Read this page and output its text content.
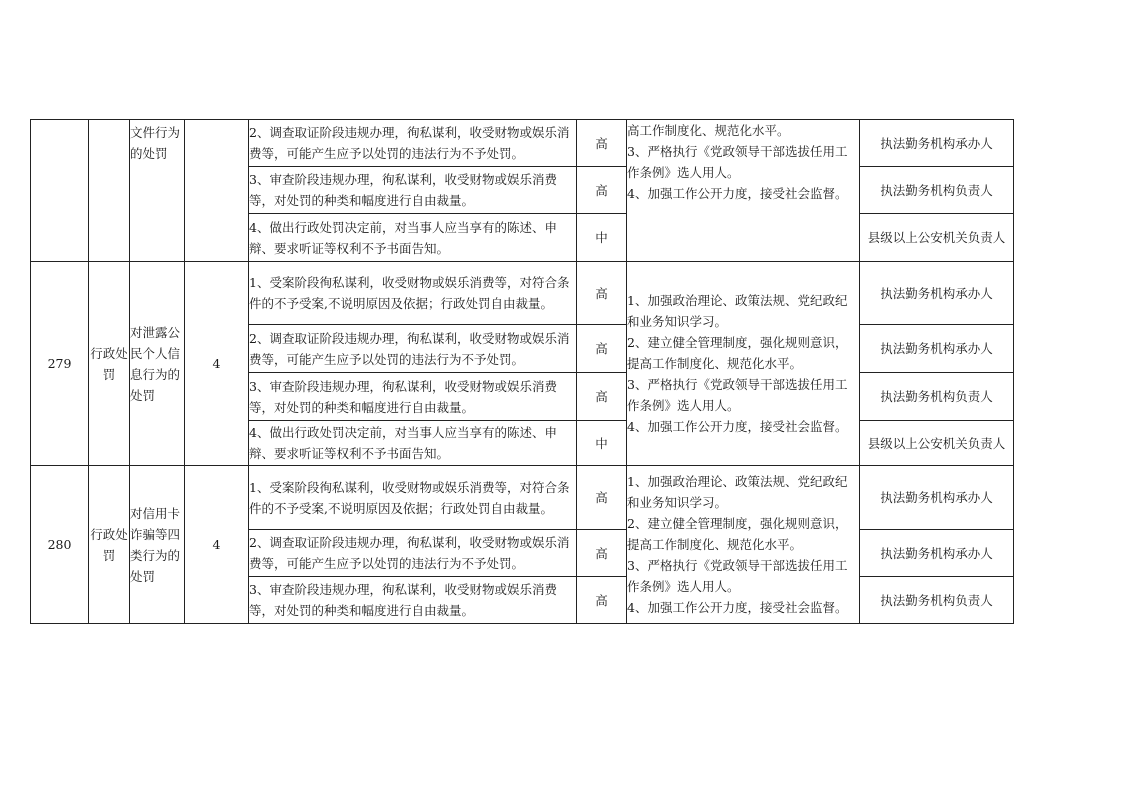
		文件行为的处罚		2、调查取证阶段违规办理，徇私谋利，收受财物或娱乐消费等，可能产生应予以处罚的违法行为不予处罚。	高	高工作制度化、规范化水平。
3、严格执行《党政领导干部选拔任用工作条例》选人用人。
4、加强工作公开力度，接受社会监督。	执法勤务机构承办人
				3、审查阶段违规办理，徇私谋利，收受财物或娱乐消费等，对处罚的种类和幅度进行自由裁量。	高		执法勤务机构负责人
				4、做出行政处罚决定前，对当事人应当享有的陈述、申辩、要求听证等权利不予书面告知。	中		县级以上公安机关负责人
279	行政处罚	对泄露公民个人信息行为的处罚	4	1、受案阶段徇私谋利，收受财物或娱乐消费等，对符合条件的不予受案,不说明原因及依据；行政处罚自由裁量。	高	1、加强政治理论、政策法规、党纪政纪和业务知识学习。
2、建立健全管理制度，强化规则意识，提高工作制度化、规范化水平。
3、严格执行《党政领导干部选拔任用工作条例》选人用人。
4、加强工作公开力度，接受社会监督。	执法勤务机构承办人
				2、调查取证阶段违规办理，徇私谋利，收受财物或娱乐消费等，可能产生应予以处罚的违法行为不予处罚。	高		执法勤务机构承办人
				3、审查阶段违规办理，徇私谋利，收受财物或娱乐消费等，对处罚的种类和幅度进行自由裁量。	高		执法勤务机构负责人
				4、做出行政处罚决定前，对当事人应当享有的陈述、申辩、要求听证等权利不予书面告知。	中		县级以上公安机关负责人
280	行政处罚	对信用卡诈骗等四类行为的处罚	4	1、受案阶段徇私谋利，收受财物或娱乐消费等，对符合条件的不予受案,不说明原因及依据；行政处罚自由裁量。	高	1、加强政治理论、政策法规、党纪政纪和业务知识学习。
2、建立健全管理制度，强化规则意识，提高工作制度化、规范化水平。
3、严格执行《党政领导干部选拔任用工作条例》选人用人。
4、加强工作公开力度，接受社会监督。	执法勤务机构承办人
				2、调查取证阶段违规办理，徇私谋利，收受财物或娱乐消费等，可能产生应予以处罚的违法行为不予处罚。	高		执法勤务机构承办人
				3、审查阶段违规办理，徇私谋利，收受财物或娱乐消费等，对处罚的种类和幅度进行自由裁量。	高		执法勤务机构负责人
